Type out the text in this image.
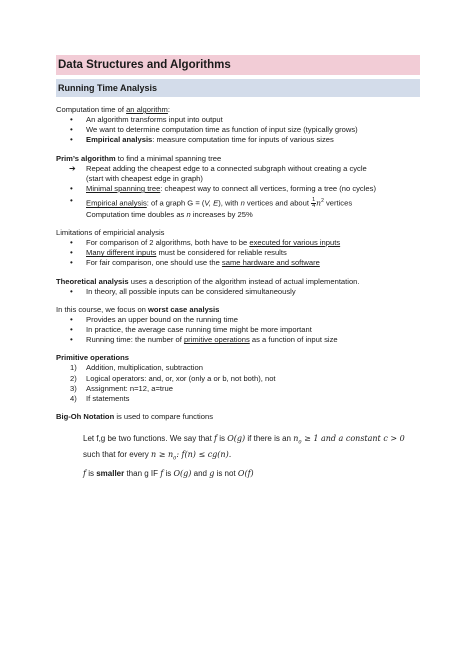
Data Structures and Algorithms
Running Time Analysis
Computation time of an algorithm:
• An algorithm transforms input into output
• We want to determine computation time as function of input size (typically grows)
• Empirical analysis: measure computation time for inputs of various sizes
Prim’s algorithm to find a minimal spanning tree
➔ Repeat adding the cheapest edge to a connected subgraph without creating a cycle
(start with cheapest edge in graph)
• Minimal spanning tree: cheapest way to connect all vertices, forming a tree (no cycles)
• Empirical analysis: of a graph G = (V, E), with n vertices and about $\frac{1}{4} n^2$ vertices
Computation time doubles as n increases by 25%
Limitations of empiricial analysis
• For comparison of 2 algorithms, both have to be executed for various inputs
• Many different inputs must be considered for reliable results
• For fair comparison, one should use the same hardware and software
Theoretical analysis uses a description of the algorithm instead of actual implementation.
• In theory, all possible inputs can be considered simultaneously
In this course, we focus on worst case analysis
• Provides an upper bound on the running time
• In practice, the average case running time might be more important
• Running time: the number of primitive operations as a function of input size
Primitive operations
1) Addition, multiplication, subtraction
2) Logical operators: and, or, xor (only a or b, not both), not
3) Assignment: n=12, a=true
4) If statements
Big-Oh Notation is used to compare functions
Let f,g be two functions. We say that f is O(g) if there is an $n_0 \ge 1$ and a constant c > 0
such that for every $n \ge n_0$: f(n) ≤ cg(n).
f is smaller than g IF f is O(g) and g is not O(f)
